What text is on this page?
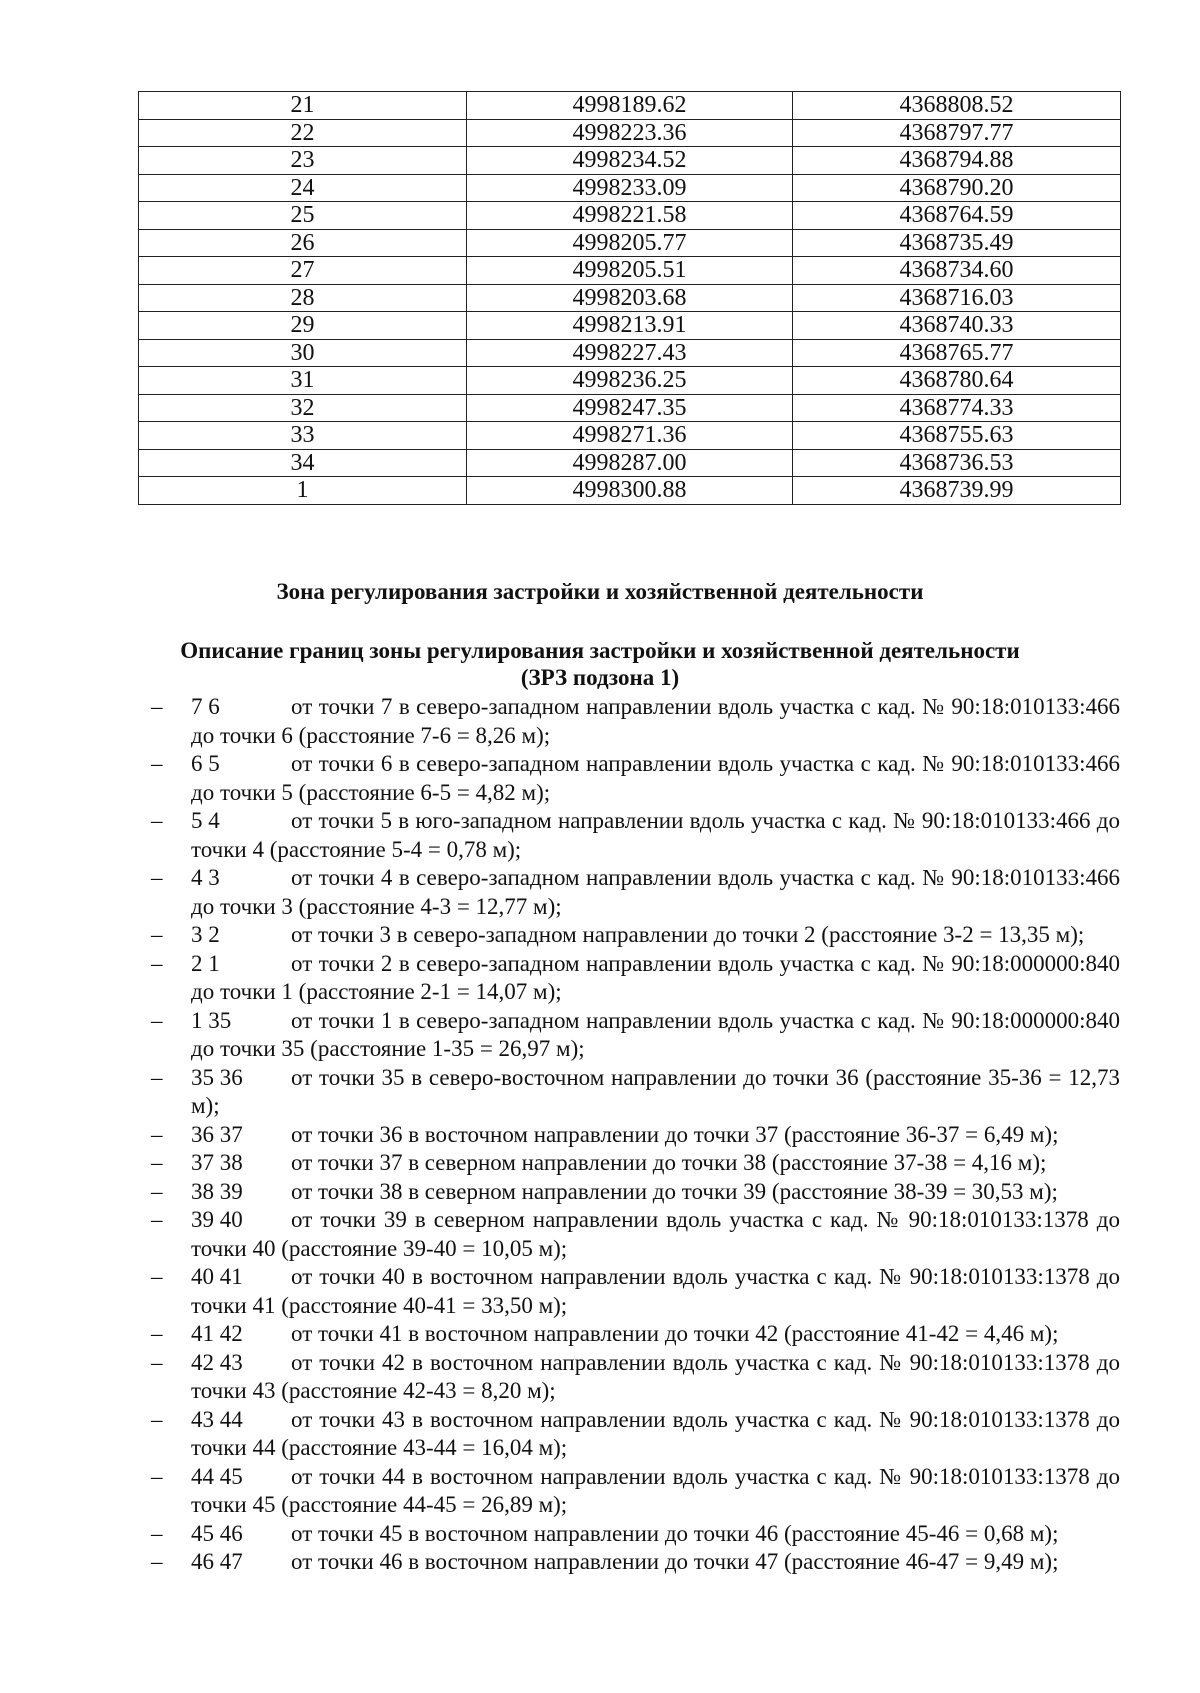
21	4998189.62	4368808.52
22	4998223.36	4368797.77
23	4998234.52	4368794.88
24	4998233.09	4368790.20
25	4998221.58	4368764.59
26	4998205.77	4368735.49
27	4998205.51	4368734.60
28	4998203.68	4368716.03
29	4998213.91	4368740.33
30	4998227.43	4368765.77
31	4998236.25	4368780.64
32	4998247.35	4368774.33
33	4998271.36	4368755.63
34	4998287.00	4368736.53
1	4998300.88	4368739.99
Зона регулирования застройки и хозяйственной деятельности
Описание границ зоны регулирования застройки и хозяйственной деятельности
(ЗРЗ подзона 1)
– 7 6	от точки 7 в северо-западном направлении вдоль участка с кад. № 90:18:010133:466 до точки 6 (расстояние 7-6 = 8,26 м);
– 6 5	от точки 6 в северо-западном направлении вдоль участка с кад. № 90:18:010133:466 до точки 5 (расстояние 6-5 = 4,82 м);
– 5 4	от точки 5 в юго-западном направлении вдоль участка с кад. № 90:18:010133:466 до точки 4 (расстояние 5-4 = 0,78 м);
– 4 3	от точки 4 в северо-западном направлении вдоль участка с кад. № 90:18:010133:466 до точки 3 (расстояние 4-3 = 12,77 м);
– 3 2	от точки 3 в северо-западном направлении до точки 2 (расстояние 3-2 = 13,35 м);
– 2 1	от точки 2 в северо-западном направлении вдоль участка с кад. № 90:18:000000:840 до точки 1 (расстояние 2-1 = 14,07 м);
– 1 35	от точки 1 в северо-западном направлении вдоль участка с кад. № 90:18:000000:840 до точки 35 (расстояние 1-35 = 26,97 м);
– 35 36 от точки 35 в северо-восточном направлении до точки 36 (расстояние 35-36 = 12,73 м);
– 36 37 от точки 36 в восточном направлении до точки 37 (расстояние 36-37 = 6,49 м);
– 37 38 от точки 37 в северном направлении до точки 38 (расстояние 37-38 = 4,16 м);
– 38 39 от точки 38 в северном направлении до точки 39 (расстояние 38-39 = 30,53 м);
– 39 40 от точки 39 в северном направлении вдоль участка с кад. № 90:18:010133:1378 до точки 40 (расстояние 39-40 = 10,05 м);
– 40 41 от точки 40 в восточном направлении вдоль участка с кад. № 90:18:010133:1378 до точки 41 (расстояние 40-41 = 33,50 м);
– 41 42 от точки 41 в восточном направлении до точки 42 (расстояние 41-42 = 4,46 м);
– 42 43 от точки 42 в восточном направлении вдоль участка с кад. № 90:18:010133:1378 до точки 43 (расстояние 42-43 = 8,20 м);
– 43 44 от точки 43 в восточном направлении вдоль участка с кад. № 90:18:010133:1378 до точки 44 (расстояние 43-44 = 16,04 м);
– 44 45 от точки 44 в восточном направлении вдоль участка с кад. № 90:18:010133:1378 до точки 45 (расстояние 44-45 = 26,89 м);
– 45 46 от точки 45 в восточном направлении до точки 46 (расстояние 45-46 = 0,68 м);
– 46 47 от точки 46 в восточном направлении до точки 47 (расстояние 46-47 = 9,49 м);
